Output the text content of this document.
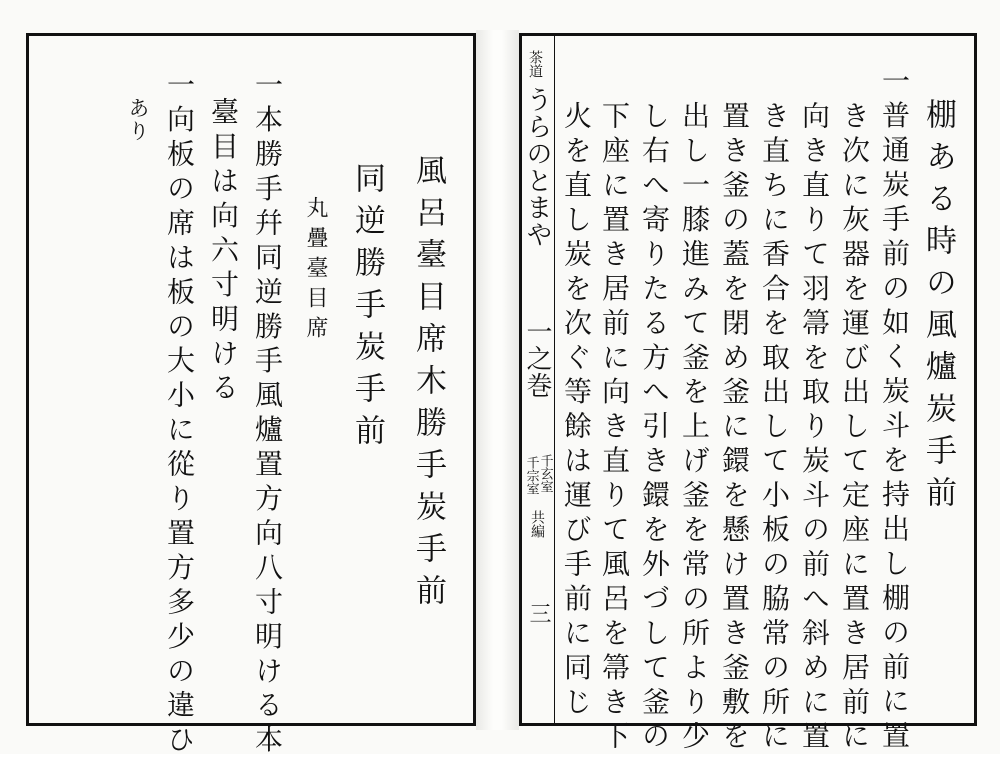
風呂臺目席木勝手炭手前

同逆勝手炭手前

丸疊臺目席

一本勝手幷同逆勝手風爐置方向八寸明ける本

臺目は向六寸明ける

一向板の席は板の大小に從り置方多少の違ひ

あり

茶道

うらのとまや

一之巻

千玄室

千宗室

共編

三

棚ある時の風爐炭手前

一普通炭手前の如く炭斗を持出し棚の前に置

き次に灰器を運び出して定座に置き居前に

向き直りて羽箒を取り炭斗の前へ斜めに置

き直ちに香合を取出して小板の脇常の所に

置き釜の蓋を閉め釜に鐶を懸け置き釜敷を

出し一膝進みて釜を上げ釜を常の所より少

し右へ寄りたる方へ引き鐶を外づして釜の

下座に置き居前に向き直りて風呂を箒き下

火を直し炭を次ぐ等餘は運び手前に同じ
